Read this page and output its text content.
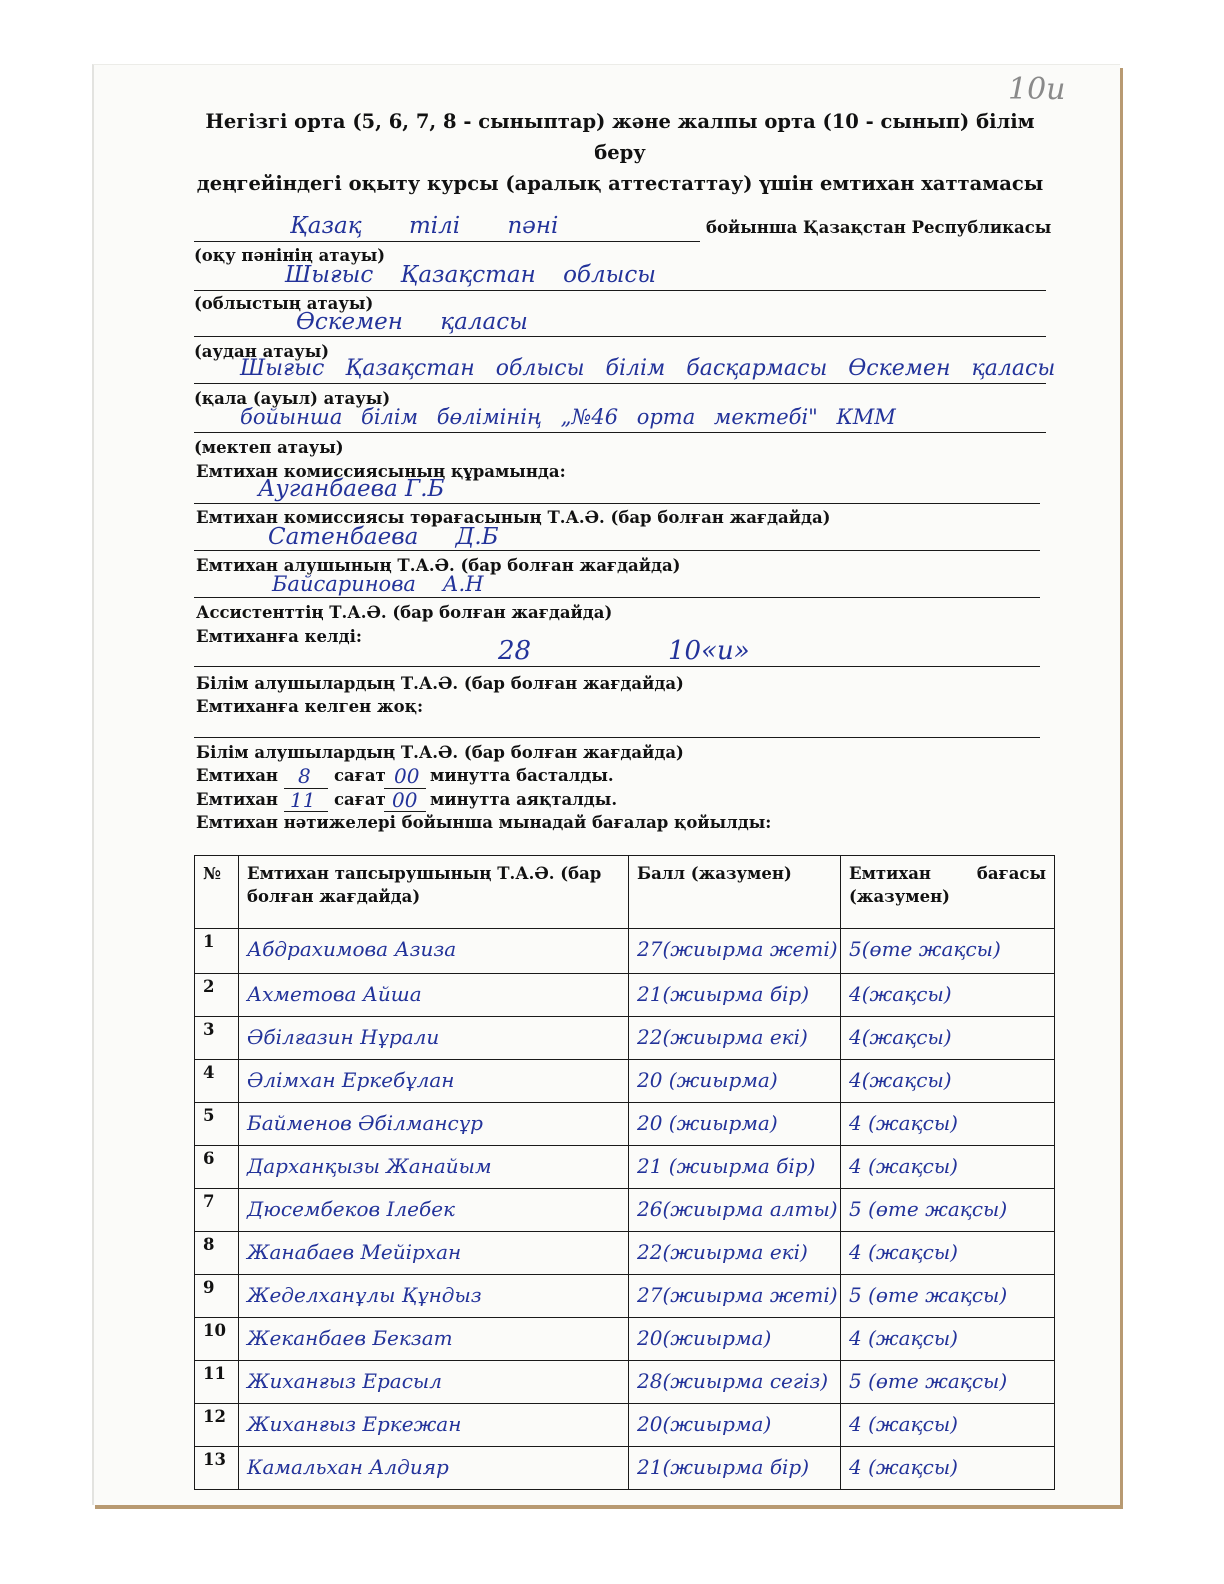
10и
Негізгі орта (5, 6, 7, 8 - сыныптар) және жалпы орта (10 - сынып) білім беру
деңгейіндегі оқыту курсы (аралық аттестаттау) үшін емтихан хаттамасы
Қазақ тілі пәні	бойынша Қазақстан Республикасы
(оқу пәнінің атауы)
Шығыс Қазақстан облысы
(облыстың атауы)
Өскемен қаласы
(аудан атауы)
Шығыс Қазақстан облысы білім басқармасы Өскемен қаласы
(қала (ауыл) атауы)
бойынша білім бөлімінің „№46 орта мектебі" КММ
(мектеп атауы)
Емтихан комиссиясының құрамында:
Ауганбаева Г.Б
Емтихан комиссиясы төрағасының Т.А.Ә. (бар болған жағдайда)
Сатенбаева Д.Б
Емтихан алушының Т.А.Ә. (бар болған жағдайда)
Байсаринова А.Н
Ассистенттің Т.А.Ә. (бар болған жағдайда)
Емтиханға келді:	28	10«и»
Білім алушылардың Т.А.Ә. (бар болған жағдайда)
Емтиханға келген жоқ:
Білім алушылардың Т.А.Ә. (бар болған жағдайда)
Емтихан 8 сағат 00 минутта басталды.
Емтихан 11 сағат 00 минутта аяқталды.
Емтихан нәтижелері бойынша мынадай бағалар қойылды:
№	Емтихан тапсырушының Т.А.Ә. (бар болған жағдайда)	Балл (жазумен)	Емтихан бағасы
(жазумен)

1	Абдрахимова Азиза	27(жиырма жеті)	5(өте жақсы)
2	Ахметова Айша	21(жиырма бір)	4(жақсы)
3	Әбілғазин Нұрали	22(жиырма екі)	4(жақсы)
4	Әлімхан Еркебұлан	20 (жиырма)	4(жақсы)
5	Байменов Әбілмансұр	20 (жиырма)	4 (жақсы)
6	Дарханқызы Жанайым	21 (жиырма бір)	4 (жақсы)
7	Дюсембеков Ілебек	26(жиырма алты)	5 (өте жақсы)
8	Жанабаев Мейірхан	22(жиырма екі)	4 (жақсы)
9	Жеделханұлы Құндыз	27(жиырма жеті)	5 (өте жақсы)
10	Жеканбаев Бекзат	20(жиырма)	4 (жақсы)
11	Жиханғыз Ерасыл	28(жиырма сегіз)	5 (өте жақсы)
12	Жиханғыз Еркежан	20(жиырма)	4 (жақсы)
13	Камальхан Алдияр	21(жиырма бір)	4 (жақсы)
